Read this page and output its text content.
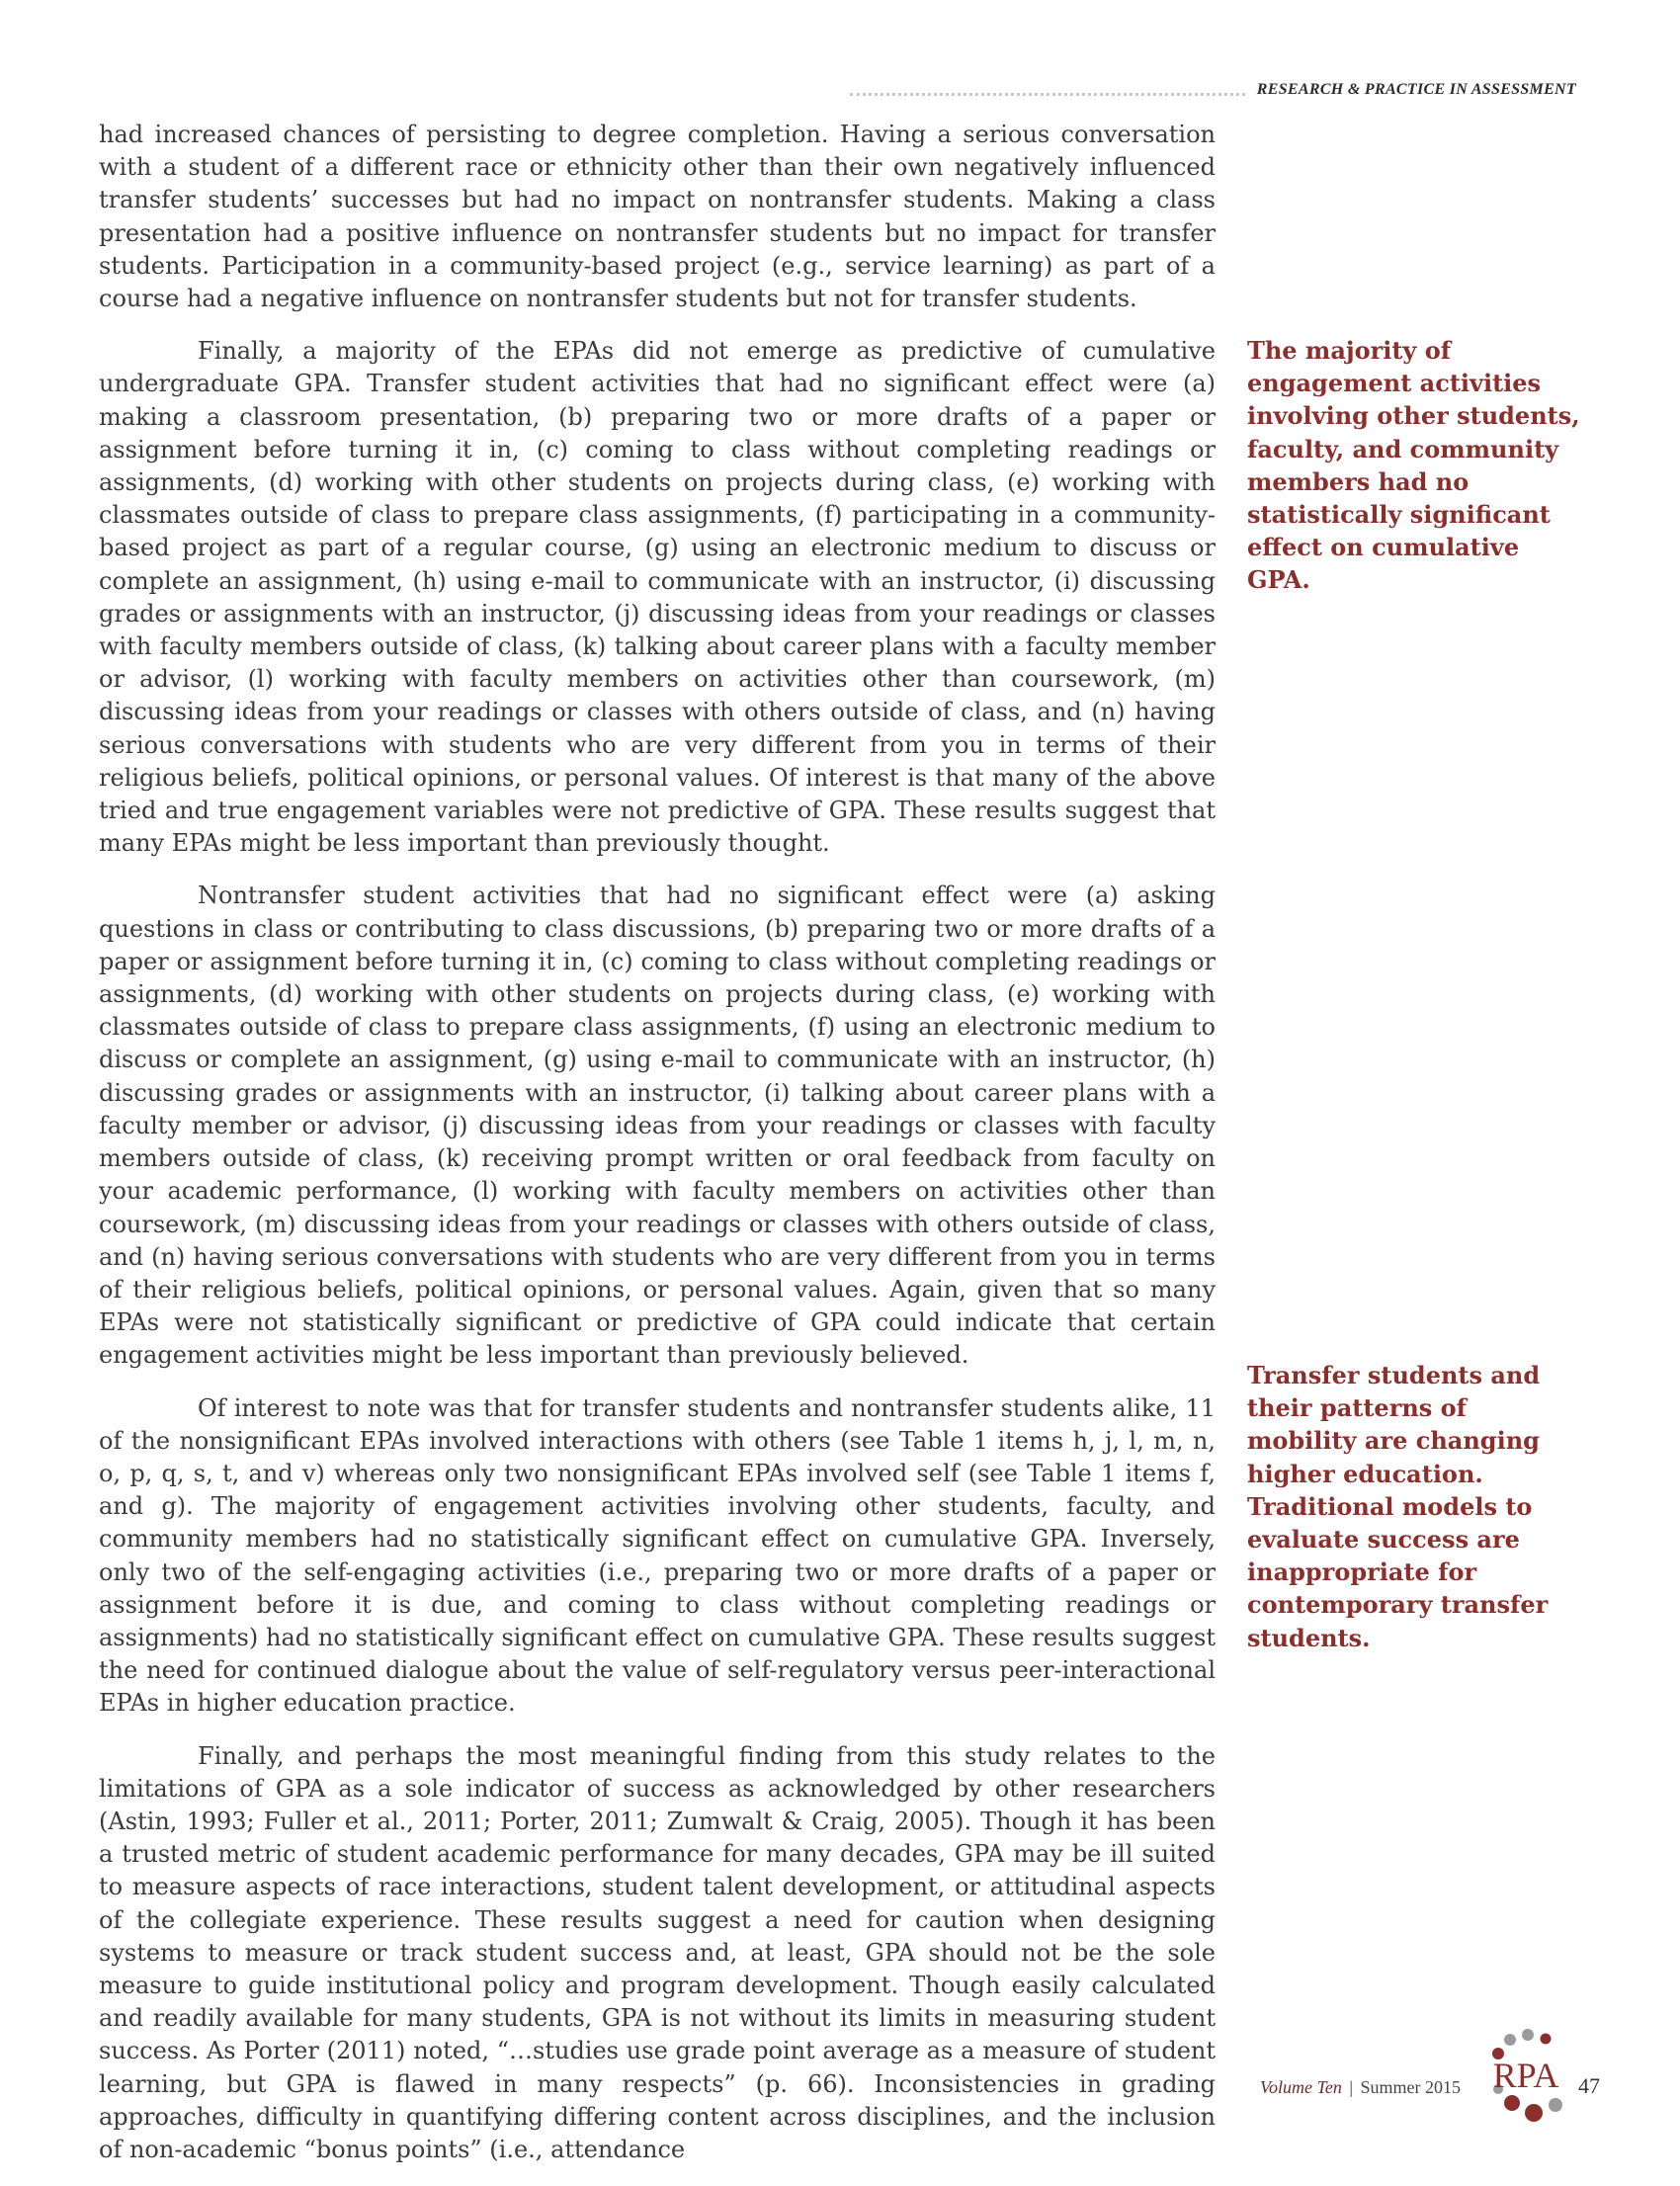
RESEARCH & PRACTICE IN ASSESSMENT

had increased chances of persisting to degree completion. Having a serious conversation with a student of a different race or ethnicity other than their own negatively influenced transfer students’ successes but had no impact on nontransfer students. Making a class presentation had a positive influence on nontransfer students but no impact for transfer students. Participation in a community-based project (e.g., service learning) as part of a course had a negative influence on nontransfer students but not for transfer students.

Finally, a majority of the EPAs did not emerge as predictive of cumulative undergraduate GPA. Transfer student activities that had no significant effect were (a) making a classroom presentation, (b) preparing two or more drafts of a paper or assignment before turning it in, (c) coming to class without completing readings or assignments, (d) working with other students on projects during class, (e) working with classmates outside of class to prepare class assignments, (f) participating in a community-based project as part of a regular course, (g) using an electronic medium to discuss or complete an assignment, (h) using e-mail to communicate with an instructor, (i) discussing grades or assignments with an instructor, (j) discussing ideas from your readings or classes with faculty members outside of class, (k) talking about career plans with a faculty member or advisor, (l) working with faculty members on activities other than coursework, (m) discussing ideas from your readings or classes with others outside of class, and (n) having serious conversations with students who are very different from you in terms of their religious beliefs, political opinions, or personal values. Of interest is that many of the above tried and true engagement variables were not predictive of GPA. These results suggest that many EPAs might be less important than previously thought.

Nontransfer student activities that had no significant effect were (a) asking questions in class or contributing to class discussions, (b) preparing two or more drafts of a paper or assignment before turning it in, (c) coming to class without completing readings or assignments, (d) working with other students on projects during class, (e) working with classmates outside of class to prepare class assignments, (f) using an electronic medium to discuss or complete an assignment, (g) using e-mail to communicate with an instructor, (h) discussing grades or assignments with an instructor, (i) talking about career plans with a faculty member or advisor, (j) discussing ideas from your readings or classes with faculty members outside of class, (k) receiving prompt written or oral feedback from faculty on your academic performance, (l) working with faculty members on activities other than coursework, (m) discussing ideas from your readings or classes with others outside of class, and (n) having serious conversations with students who are very different from you in terms of their religious beliefs, political opinions, or personal values. Again, given that so many EPAs were not statistically significant or predictive of GPA could indicate that certain engagement activities might be less important than previously believed.

Of interest to note was that for transfer students and nontransfer students alike, 11 of the nonsignificant EPAs involved interactions with others (see Table 1 items h, j, l, m, n, o, p, q, s, t, and v) whereas only two nonsignificant EPAs involved self (see Table 1 items f, and g). The majority of engagement activities involving other students, faculty, and community members had no statistically significant effect on cumulative GPA. Inversely, only two of the self-engaging activities (i.e., preparing two or more drafts of a paper or assignment before it is due, and coming to class without completing readings or assignments) had no statistically significant effect on cumulative GPA. These results suggest the need for continued dialogue about the value of self-regulatory versus peer-interactional EPAs in higher education practice.

Finally, and perhaps the most meaningful finding from this study relates to the limitations of GPA as a sole indicator of success as acknowledged by other researchers (Astin, 1993; Fuller et al., 2011; Porter, 2011; Zumwalt & Craig, 2005). Though it has been a trusted metric of student academic performance for many decades, GPA may be ill suited to measure aspects of race interactions, student talent development, or attitudinal aspects of the collegiate experience. These results suggest a need for caution when designing systems to measure or track student success and, at least, GPA should not be the sole measure to guide institutional policy and program development. Though easily calculated and readily available for many students, GPA is not without its limits in measuring student success. As Porter (2011) noted, “…studies use grade point average as a measure of student learning, but GPA is flawed in many respects” (p. 66). Inconsistencies in grading approaches, difficulty in quantifying differing content across disciplines, and the inclusion of non-academic “bonus points” (i.e., attendance

The majority of engagement activities involving other students, faculty, and community members had no statistically significant effect on cumulative GPA.
Transfer students and their patterns of mobility are changing higher education. Traditional models to evaluate success are inappropriate for contemporary transfer students.
Volume Ten | Summer 2015 RPA 47
